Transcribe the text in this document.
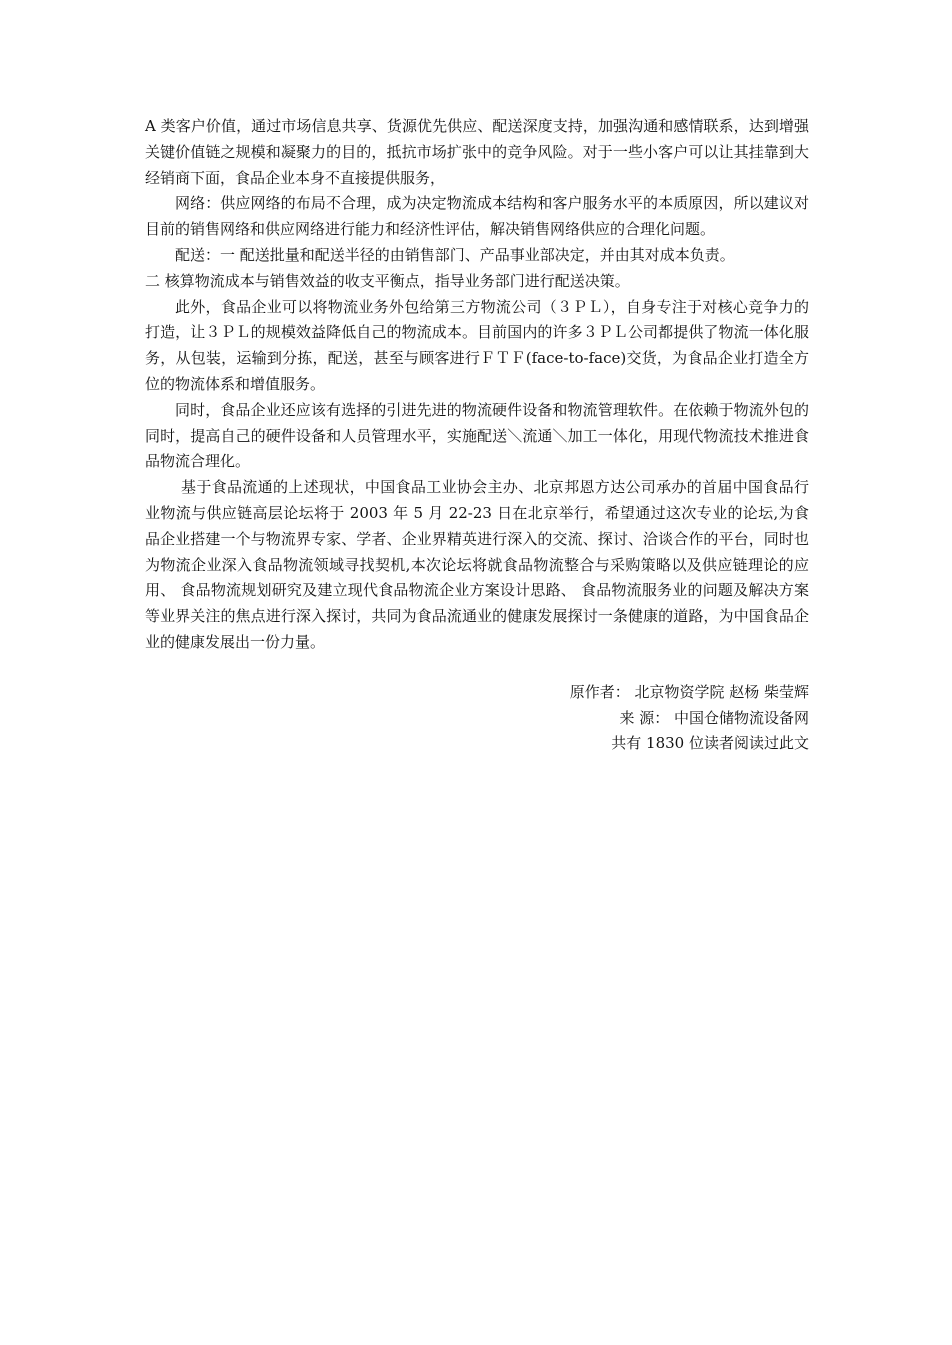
A 类客户价值，通过市场信息共享、货源优先供应、配送深度支持，加强沟通和感情联系，达到增强关键价值链之规模和凝聚力的目的，抵抗市场扩张中的竞争风险。对于一些小客户可以让其挂靠到大经销商下面，食品企业本身不直接提供服务，

网络：供应网络的布局不合理，成为决定物流成本结构和客户服务水平的本质原因，所以建议对目前的销售网络和供应网络进行能力和经济性评估，解决销售网络供应的合理化问题。

配送：一 配送批量和配送半径的由销售部门、产品事业部决定，并由其对成本负责。

二 核算物流成本与销售效益的收支平衡点，指导业务部门进行配送决策。

此外，食品企业可以将物流业务外包给第三方物流公司（３ＰＬ），自身专注于对核心竞争力的打造，让３ＰＬ的规模效益降低自己的物流成本。目前国内的许多３ＰＬ公司都提供了物流一体化服务，从包装，运输到分拣，配送，甚至与顾客进行ＦＴＦ(face-to-face)交货，为食品企业打造全方位的物流体系和增值服务。

同时，食品企业还应该有选择的引进先进的物流硬件设备和物流管理软件。在依赖于物流外包的同时，提高自己的硬件设备和人员管理水平，实施配送＼流通＼加工一体化，用现代物流技术推进食品物流合理化。

基于食品流通的上述现状，中国食品工业协会主办、北京邦恩方达公司承办的首届中国食品行业物流与供应链高层论坛将于 2003 年 5 月 22-23 日在北京举行，希望通过这次专业的论坛,为食品企业搭建一个与物流界专家、学者、企业界精英进行深入的交流、探讨、洽谈合作的平台，同时也为物流企业深入食品物流领域寻找契机,本次论坛将就食品物流整合与采购策略以及供应链理论的应用、 食品物流规划研究及建立现代食品物流企业方案设计思路、 食品物流服务业的问题及解决方案等业界关注的焦点进行深入探讨，共同为食品流通业的健康发展探讨一条健康的道路，为中国食品企业的健康发展出一份力量。

原作者： 北京物资学院 赵杨 柴莹辉
来 源： 中国仓储物流设备网
共有 1830 位读者阅读过此文
